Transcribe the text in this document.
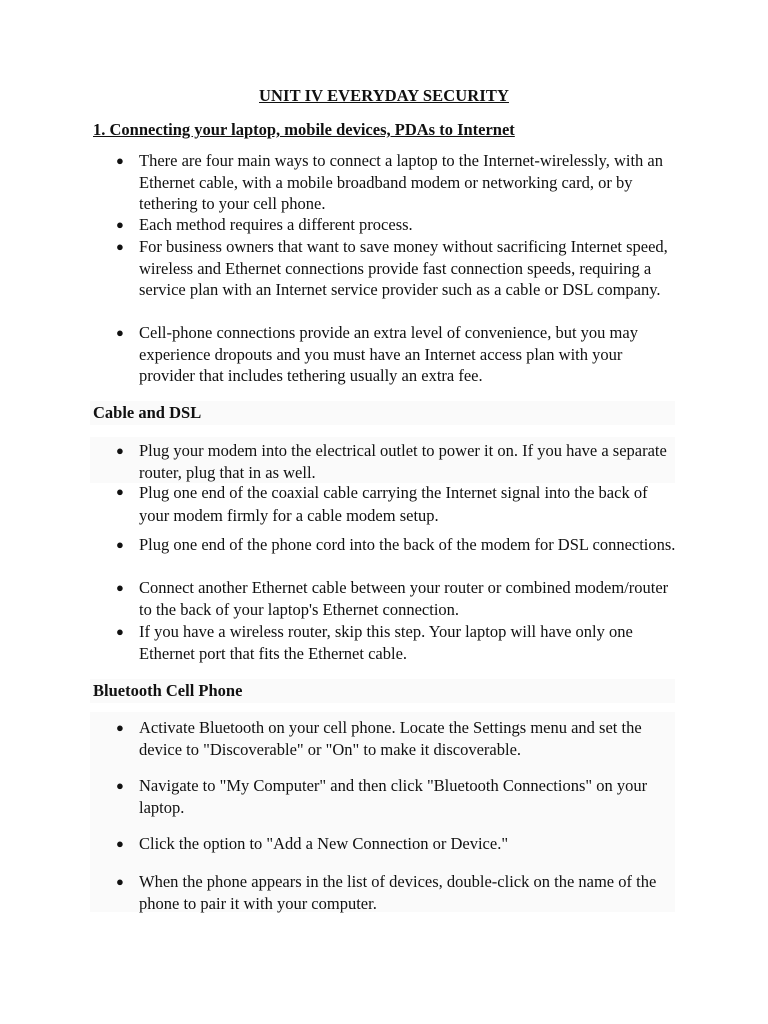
UNIT IV EVERYDAY SECURITY
1. Connecting your laptop, mobile devices, PDAs to Internet
● There are four main ways to connect a laptop to the Internet-wirelessly, with an Ethernet cable, with a mobile broadband modem or networking card, or by tethering to your cell phone.
● Each method requires a different process.
● For business owners that want to save money without sacrificing Internet speed, wireless and Ethernet connections provide fast connection speeds, requiring a service plan with an Internet service provider such as a cable or DSL company.
● Cell-phone connections provide an extra level of convenience, but you may experience dropouts and you must have an Internet access plan with your provider that includes tethering usually an extra fee.
Cable and DSL
● Plug your modem into the electrical outlet to power it on. If you have a separate router, plug that in as well.
● Plug one end of the coaxial cable carrying the Internet signal into the back of your modem firmly for a cable modem setup.
● Plug one end of the phone cord into the back of the modem for DSL connections.
● Connect another Ethernet cable between your router or combined modem/router to the back of your laptop's Ethernet connection.
● If you have a wireless router, skip this step. Your laptop will have only one Ethernet port that fits the Ethernet cable.
Bluetooth Cell Phone
● Activate Bluetooth on your cell phone. Locate the Settings menu and set the device to "Discoverable" or "On" to make it discoverable.
● Navigate to "My Computer" and then click "Bluetooth Connections" on your laptop.
● Click the option to "Add a New Connection or Device."
● When the phone appears in the list of devices, double-click on the name of the phone to pair it with your computer.
